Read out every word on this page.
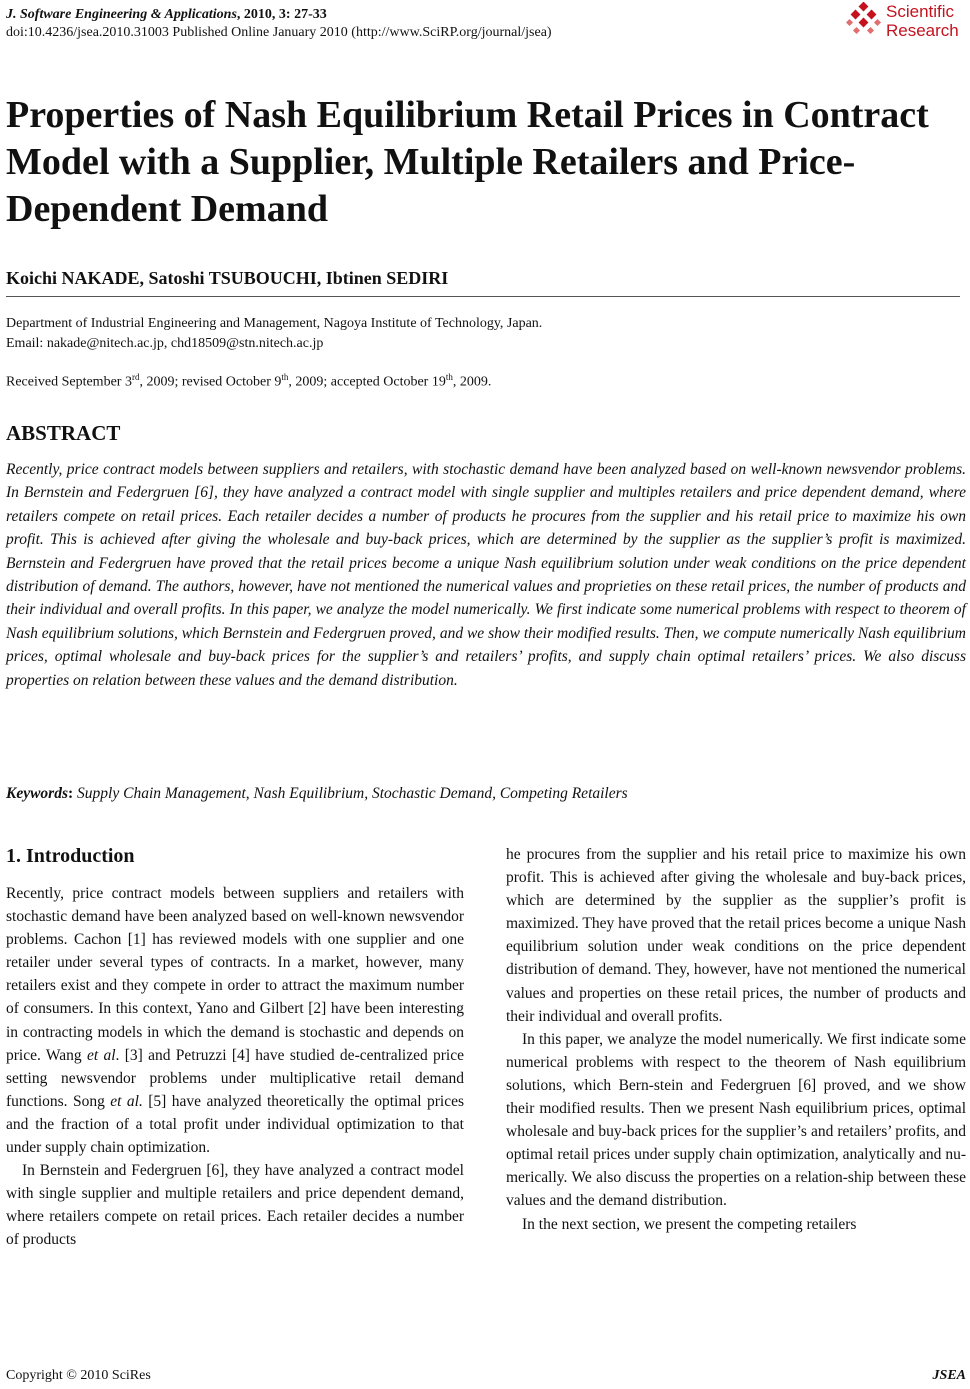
J. Software Engineering & Applications, 2010, 3: 27-33
doi:10.4236/jsea.2010.31003 Published Online January 2010 (http://www.SciRP.org/journal/jsea)
Scientific
Research
Properties of Nash Equilibrium Retail Prices in Contract Model with a Supplier, Multiple Retailers and Price-Dependent Demand
Koichi NAKADE, Satoshi TSUBOUCHI, Ibtinen SEDIRI
Department of Industrial Engineering and Management, Nagoya Institute of Technology, Japan.
Email: nakade@nitech.ac.jp, chd18509@stn.nitech.ac.jp
Received September 3rd, 2009; revised October 9th, 2009; accepted October 19th, 2009.
ABSTRACT
Recently, price contract models between suppliers and retailers, with stochastic demand have been analyzed based on well-known newsvendor problems. In Bernstein and Federgruen [6], they have analyzed a contract model with single supplier and multiples retailers and price dependent demand, where retailers compete on retail prices. Each retailer decides a number of products he procures from the supplier and his retail price to maximize his own profit. This is achieved after giving the wholesale and buy-back prices, which are determined by the supplier as the supplier’s profit is maximized. Bernstein and Federgruen have proved that the retail prices become a unique Nash equilibrium solution under weak conditions on the price dependent distribution of demand. The authors, however, have not mentioned the numerical values and proprieties on these retail prices, the number of products and their individual and overall profits. In this paper, we analyze the model numerically. We first indicate some numerical problems with respect to theorem of Nash equilibrium solutions, which Bernstein and Federgruen proved, and we show their modified results. Then, we compute numerically Nash equilibrium prices, optimal wholesale and buy-back prices for the supplier’s and retailers’ profits, and supply chain optimal retailers’ prices. We also discuss properties on relation between these values and the demand distribution.
Keywords: Supply Chain Management, Nash Equilibrium, Stochastic Demand, Competing Retailers
1. Introduction

Recently, price contract models between suppliers and retailers with stochastic demand have been analyzed based on well-known newsvendor problems. Cachon [1] has reviewed models with one supplier and one retailer under several types of contracts. In a market, however, many retailers exist and they compete in order to attract the maximum number of consumers. In this context, Yano and Gilbert [2] have been interesting in contracting models in which the demand is stochastic and depends on price. Wang et al. [3] and Petruzzi [4] have studied de-centralized price setting newsvendor problems under multiplicative retail demand functions. Song et al. [5] have analyzed theoretically the optimal prices and the fraction of a total profit under individual optimization to that under supply chain optimization.

In Bernstein and Federgruen [6], they have analyzed a contract model with single supplier and multiple retailers and price dependent demand, where retailers compete on retail prices. Each retailer decides a number of products

he procures from the supplier and his retail price to maximize his own profit. This is achieved after giving the wholesale and buy-back prices, which are determined by the supplier as the supplier’s profit is maximized. They have proved that the retail prices become a unique Nash equilibrium solution under weak conditions on the price dependent distribution of demand. They, however, have not mentioned the numerical values and properties on these retail prices, the number of products and their individual and overall profits.

In this paper, we analyze the model numerically. We first indicate some numerical problems with respect to the theorem of Nash equilibrium solutions, which Bern-stein and Federgruen [6] proved, and we show their modified results. Then we present Nash equilibrium prices, optimal wholesale and buy-back prices for the supplier’s and retailers’ profits, and optimal retail prices under supply chain optimization, analytically and nu-merically. We also discuss the properties on a relation-ship between these values and the demand distribution.

In the next section, we present the competing retailers

Copyright © 2010 SciRes	JSEA
